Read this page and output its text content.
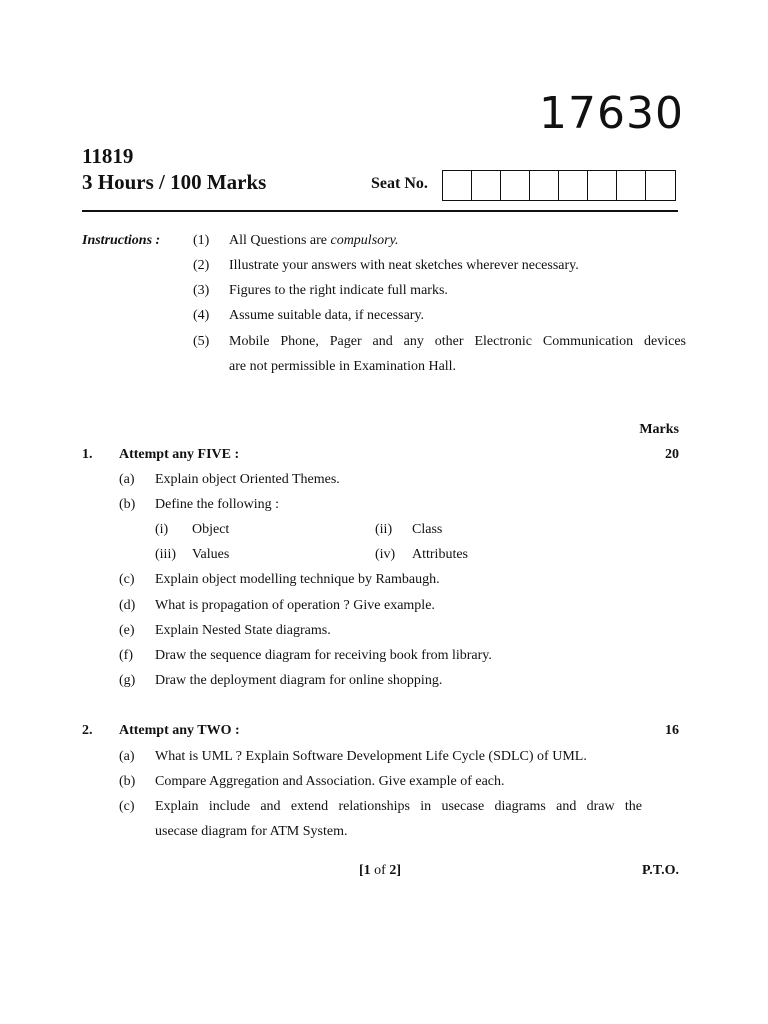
17630
11819
3 Hours / 100 Marks	Seat No.
Instructions : (1) All Questions are compulsory.
(2) Illustrate your answers with neat sketches wherever necessary.
(3) Figures to the right indicate full marks.
(4) Assume suitable data, if necessary.
(5) Mobile Phone, Pager and any other Electronic Communication devices
are not permissible in Examination Hall.
Marks
1. Attempt any FIVE :	20
(a) Explain object Oriented Themes.
(b) Define the following :
(i) Object	(ii) Class
(iii) Values	(iv) Attributes
(c) Explain object modelling technique by Rambaugh.
(d) What is propagation of operation ? Give example.
(e) Explain Nested State diagrams.
(f) Draw the sequence diagram for receiving book from library.
(g) Draw the deployment diagram for online shopping.
2. Attempt any TWO :	16
(a) What is UML ? Explain Software Development Life Cycle (SDLC) of UML.
(b) Compare Aggregation and Association. Give example of each.
(c) Explain include and extend relationships in usecase diagrams and draw the
usecase diagram for ATM System.
[1 of 2]	P.T.O.
